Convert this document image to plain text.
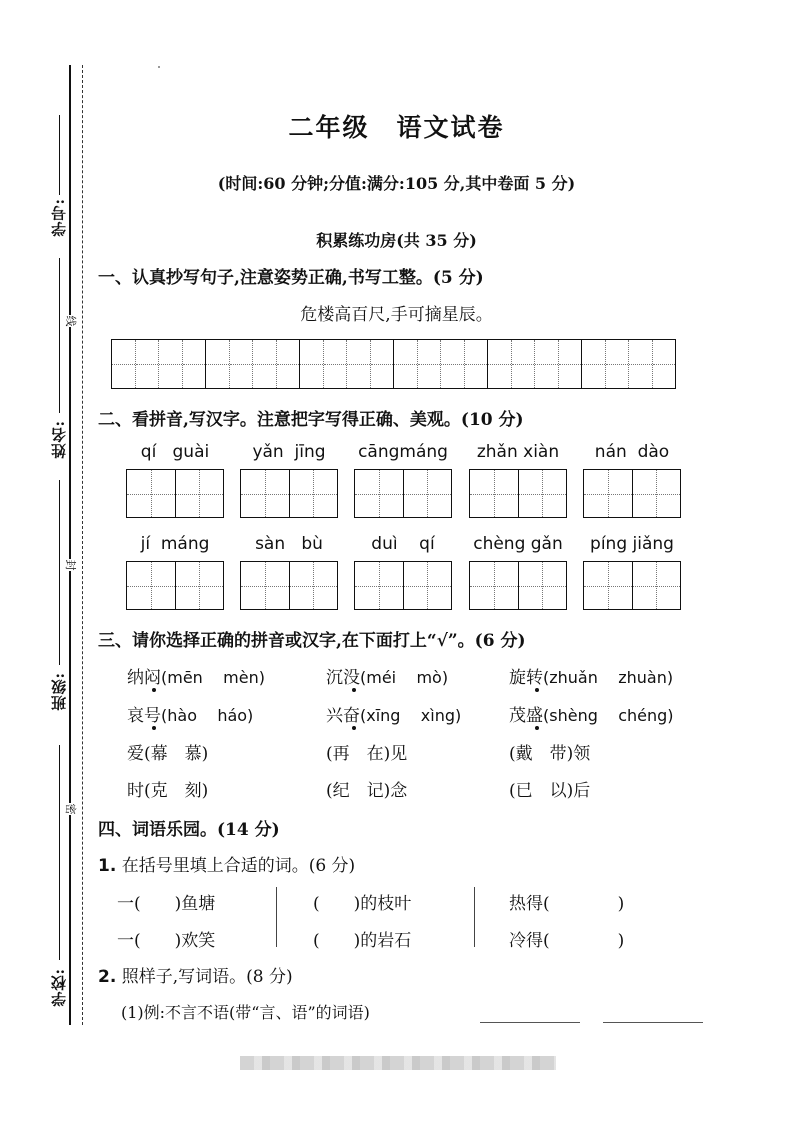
学号:
姓名:
班级:
学校:
线
封
密
二年级　语文试卷
(时间:60 分钟;分值:满分:105 分,其中卷面 5 分)
积累练功房(共 35 分)
一、认真抄写句子,注意姿势正确,书写工整。(5 分)
危楼高百尺,手可摘星辰。
二、看拼音,写汉字。注意把字写得正确、美观。(10 分)
qí   guài	yǎn  jīng	cāngmáng	zhǎn xiàn	nán  dào
jí  máng	sàn   bù	duì    qí	chèng gǎn	píng jiǎng
三、请你选择正确的拼音或汉字,在下面打上“√”。(6 分)
纳闷(mēn    mèn)	沉没(méi    mò)	旋转(zhuǎn    zhuàn)
哀号(hào    háo)	兴奋(xīng    xìng)	茂盛(shèng    chéng)
爱(幕　慕)	(再　在)见	(戴　带)领
时(克　刻)	(纪　记)念	(已　以)后
四、词语乐园。(14 分)
1. 在括号里填上合适的词。(6 分)
一(　　)鱼塘	(　　)的枝叶	热得(　　　　)
一(　　)欢笑	(　　)的岩石	冷得(　　　　)
2. 照样子,写词语。(8 分)
(1)例:不言不语(带“言、语”的词语)
